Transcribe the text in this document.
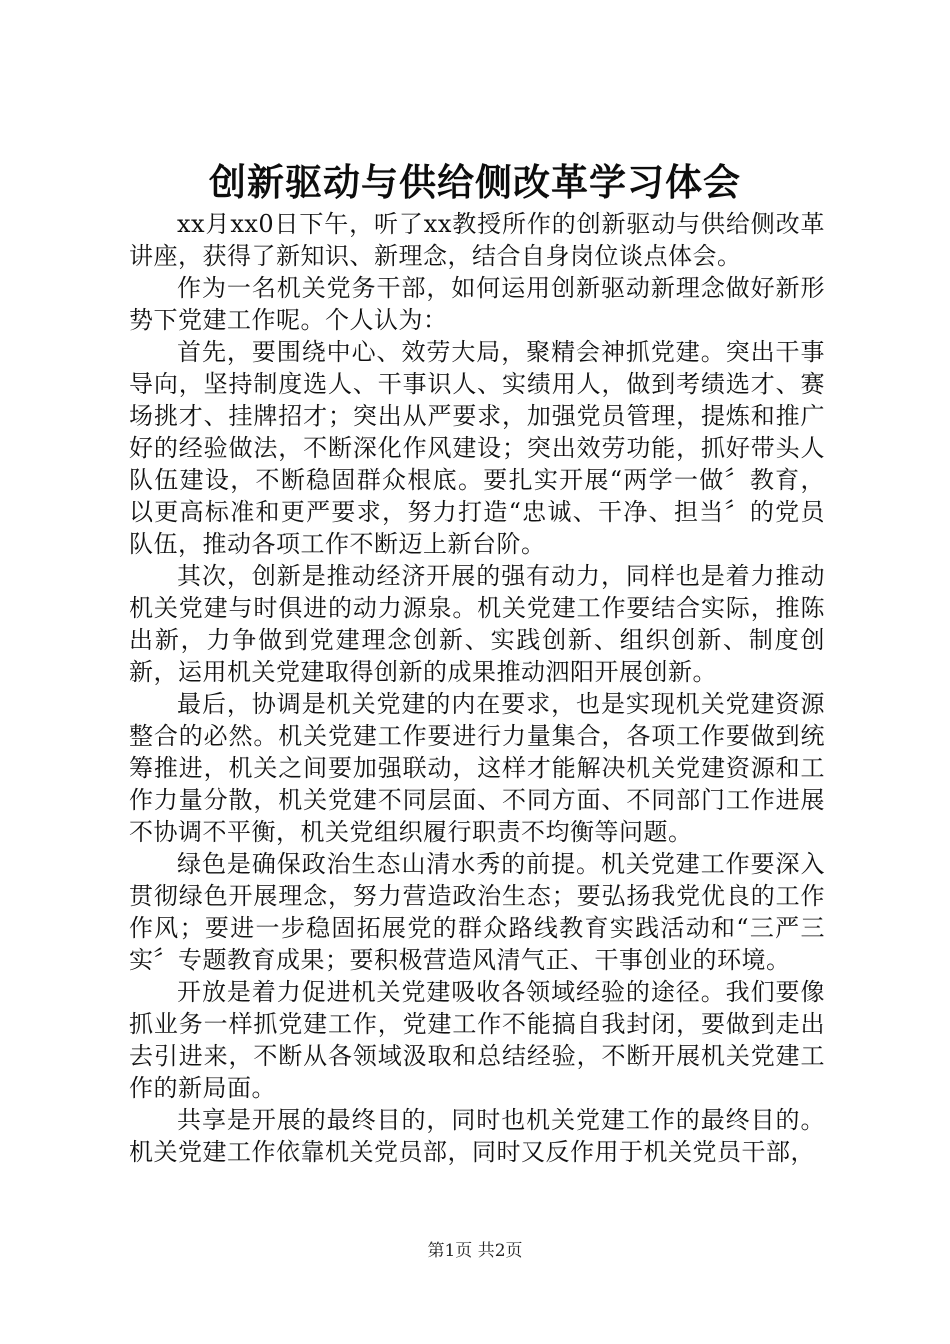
创新驱动与供给侧改革学习体会

xx月xx0日下午，听了xx教授所作的创新驱动与供给侧改革讲座，获得了新知识、新理念，结合自身岗位谈点体会。

作为一名机关党务干部，如何运用创新驱动新理念做好新形势下党建工作呢。个人认为：

首先，要围绕中心、效劳大局，聚精会神抓党建。突出干事导向，坚持制度选人、干事识人、实绩用人，做到考绩选才、赛场挑才、挂牌招才；突出从严要求，加强党员管理，提炼和推广好的经验做法，不断深化作风建设；突出效劳功能，抓好带头人队伍建设，不断稳固群众根底。要扎实开展“两学一做〞教育，以更高标准和更严要求，努力打造“忠诚、干净、担当〞的党员队伍，推动各项工作不断迈上新台阶。

其次，创新是推动经济开展的强有动力，同样也是着力推动机关党建与时俱进的动力源泉。机关党建工作要结合实际，推陈出新，力争做到党建理念创新、实践创新、组织创新、制度创新，运用机关党建取得创新的成果推动泗阳开展创新。

最后，协调是机关党建的内在要求，也是实现机关党建资源整合的必然。机关党建工作要进行力量集合，各项工作要做到统筹推进，机关之间要加强联动，这样才能解决机关党建资源和工作力量分散，机关党建不同层面、不同方面、不同部门工作进展不协调不平衡，机关党组织履行职责不均衡等问题。

绿色是确保政治生态山清水秀的前提。机关党建工作要深入贯彻绿色开展理念，努力营造政治生态；要弘扬我党优良的工作作风；要进一步稳固拓展党的群众路线教育实践活动和“三严三实〞专题教育成果；要积极营造风清气正、干事创业的环境。

开放是着力促进机关党建吸收各领域经验的途径。我们要像抓业务一样抓党建工作，党建工作不能搞自我封闭，要做到走出去引进来，不断从各领域汲取和总结经验，不断开展机关党建工作的新局面。

共享是开展的最终目的，同时也机关党建工作的最终目的。机关党建工作依靠机关党员部，同时又反作用于机关党员干部，

第1页 共2页
